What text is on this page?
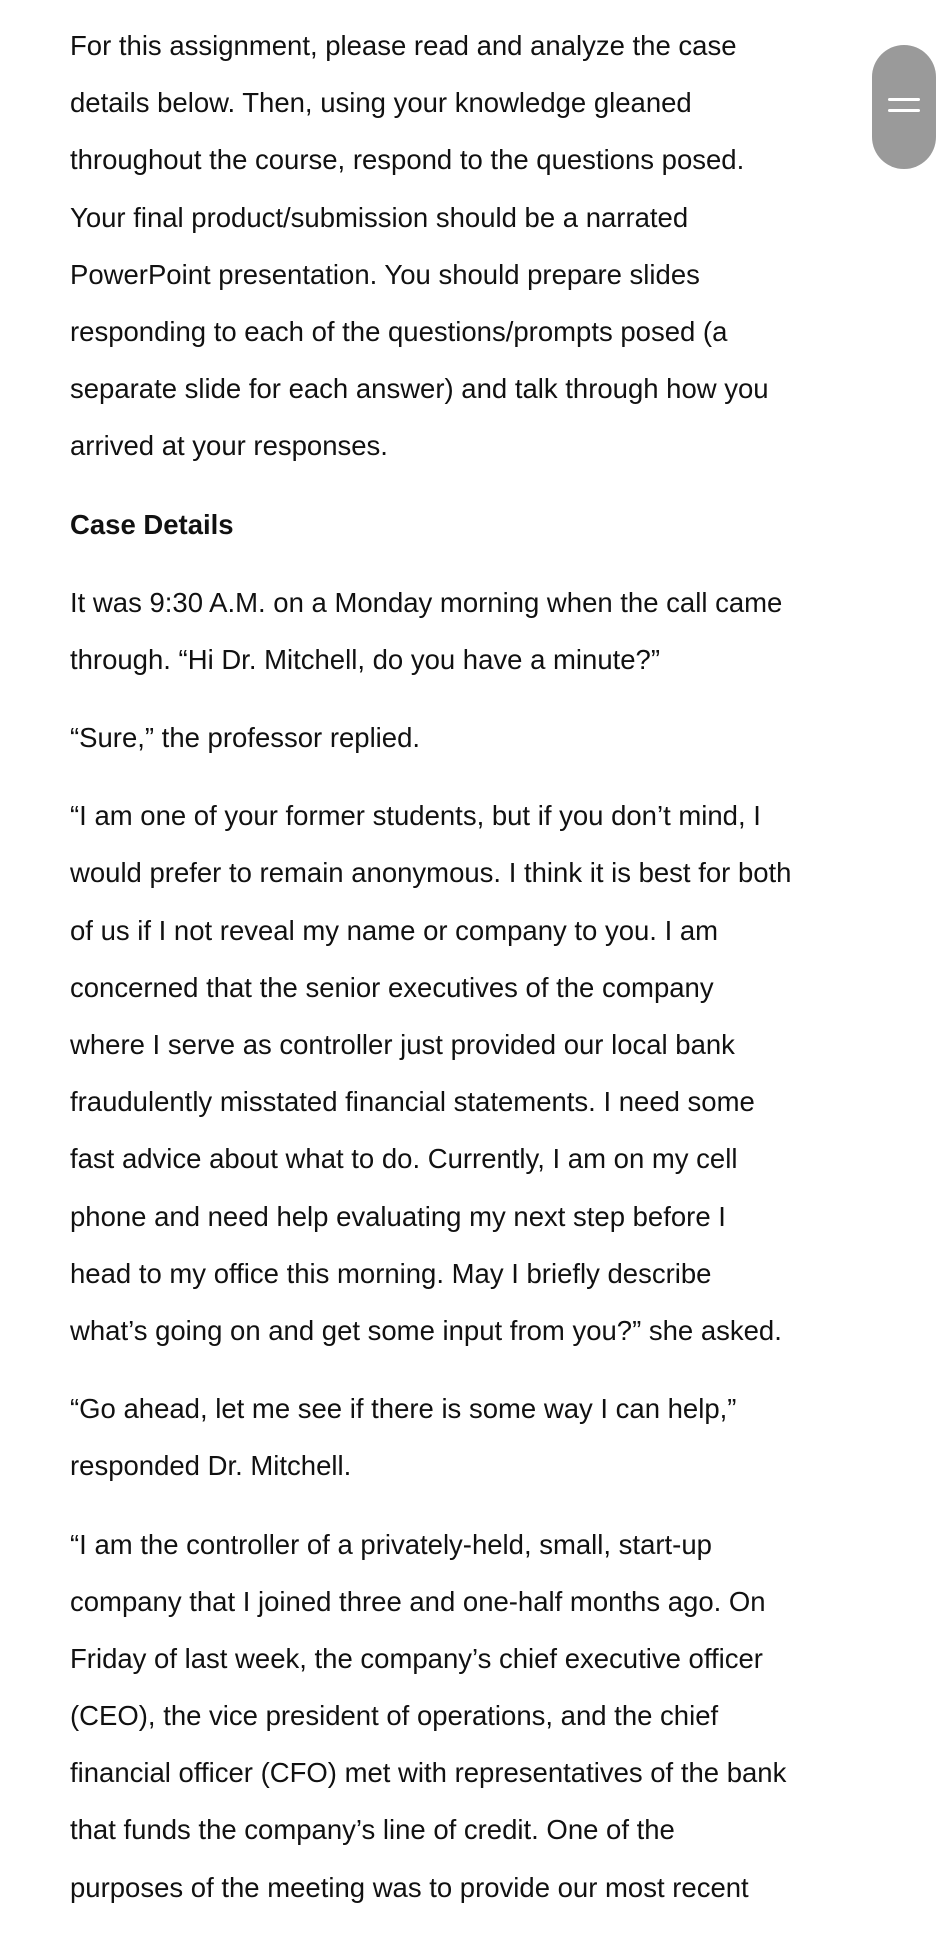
For this assignment, please read and analyze the case
details below. Then, using your knowledge gleaned
throughout the course, respond to the questions posed.
Your final product/submission should be a narrated
PowerPoint presentation. You should prepare slides
responding to each of the questions/prompts posed (a
separate slide for each answer) and talk through how you
arrived at your responses.
Case Details
It was 9:30 A.M. on a Monday morning when the call came
through. “Hi Dr. Mitchell, do you have a minute?”
“Sure,” the professor replied.
“I am one of your former students, but if you don’t mind, I
would prefer to remain anonymous. I think it is best for both
of us if I not reveal my name or company to you. I am
concerned that the senior executives of the company
where I serve as controller just provided our local bank
fraudulently misstated financial statements. I need some
fast advice about what to do. Currently, I am on my cell
phone and need help evaluating my next step before I
head to my office this morning. May I briefly describe
what’s going on and get some input from you?” she asked.
“Go ahead, let me see if there is some way I can help,”
responded Dr. Mitchell.
“I am the controller of a privately-held, small, start-up
company that I joined three and one-half months ago. On
Friday of last week, the company’s chief executive officer
(CEO), the vice president of operations, and the chief
financial officer (CFO) met with representatives of the bank
that funds the company’s line of credit. One of the
purposes of the meeting was to provide our most recent
